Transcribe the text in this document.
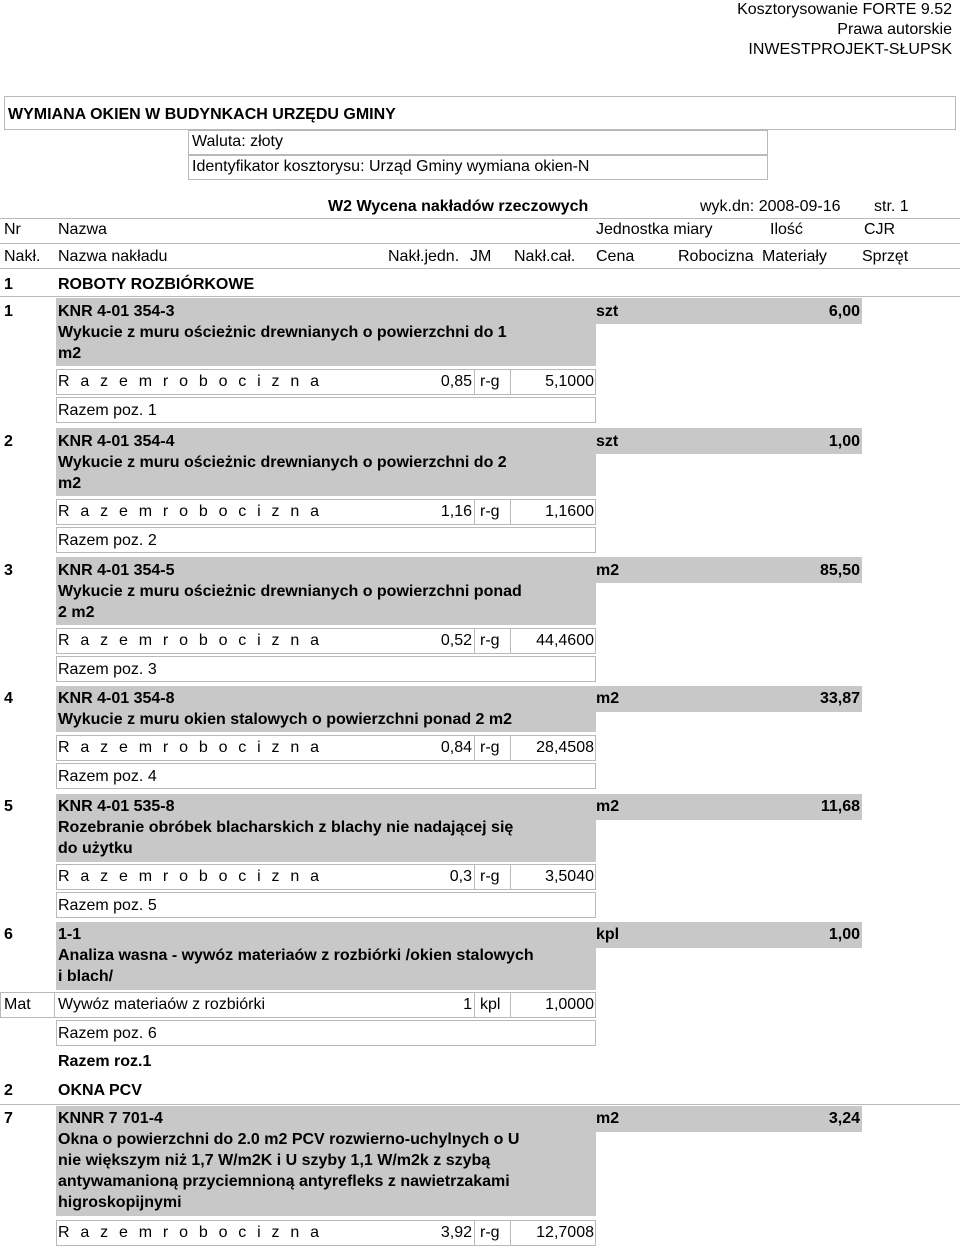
Kosztorysowanie FORTE 9.52
Prawa autorskie
INWESTPROJEKT-SŁUPSK
WYMIANA OKIEN W BUDYNKACH URZĘDU GMINY
Waluta: złoty
Identyfikator kosztorysu: Urząd Gminy wymiana okien-N
W2 Wycena nakładów rzeczowych	wyk.dn: 2008-09-16 str. 1
Nr Nazwa	Jednostka miary	Ilość	CJR
Nakł. Nazwa nakładu	Nakł.jedn. JM Nakł.cał. Cena	Robocizna Materiały Sprzęt
1	ROBOTY ROZBIÓRKOWE
1	KNR 4-01 354-3
Wykucie z muru ościeżnic drewnianych o powierzchni do 1
m2
szt	6,00
R a z e m r o b o c i z n a	0,85 r-g	5,1000
Razem poz. 1
2	KNR 4-01 354-4
Wykucie z muru ościeżnic drewnianych o powierzchni do 2
m2
szt	1,00
R a z e m r o b o c i z n a	1,16 r-g	1,1600
Razem poz. 2
3	KNR 4-01 354-5
Wykucie z muru ościeżnic drewnianych o powierzchni ponad
2 m2
m2	85,50
R a z e m r o b o c i z n a	0,52 r-g	44,4600
Razem poz. 3
4	KNR 4-01 354-8
Wykucie z muru okien stalowych o powierzchni ponad 2 m2
m2	33,87
R a z e m r o b o c i z n a	0,84 r-g	28,4508
Razem poz. 4
5	KNR 4-01 535-8
Rozebranie obróbek blacharskich z blachy nie nadającej się
do użytku
m2	11,68
R a z e m r o b o c i z n a	0,3 r-g	3,5040
Razem poz. 5
6	1-1
Analiza wasna - wywóz materiaów z rozbiórki /okien stalowych
i blach/
kpl	1,00
Mat Wywóz materiaów z rozbiórki	1 kpl	1,0000
Razem poz. 6
Razem roz.1
2	OKNA PCV
7	KNNR 7 701-4
Okna o powierzchni do 2.0 m2 PCV rozwierno-uchylnych o U
nie większym niż 1,7 W/m2K i U szyby 1,1 W/m2k z szybą
antywamanioną przyciemnioną antyrefleks z nawietrzakami
higroskopijnymi
m2	3,24
R a z e m r o b o c i z n a	3,92 r-g	12,7008
